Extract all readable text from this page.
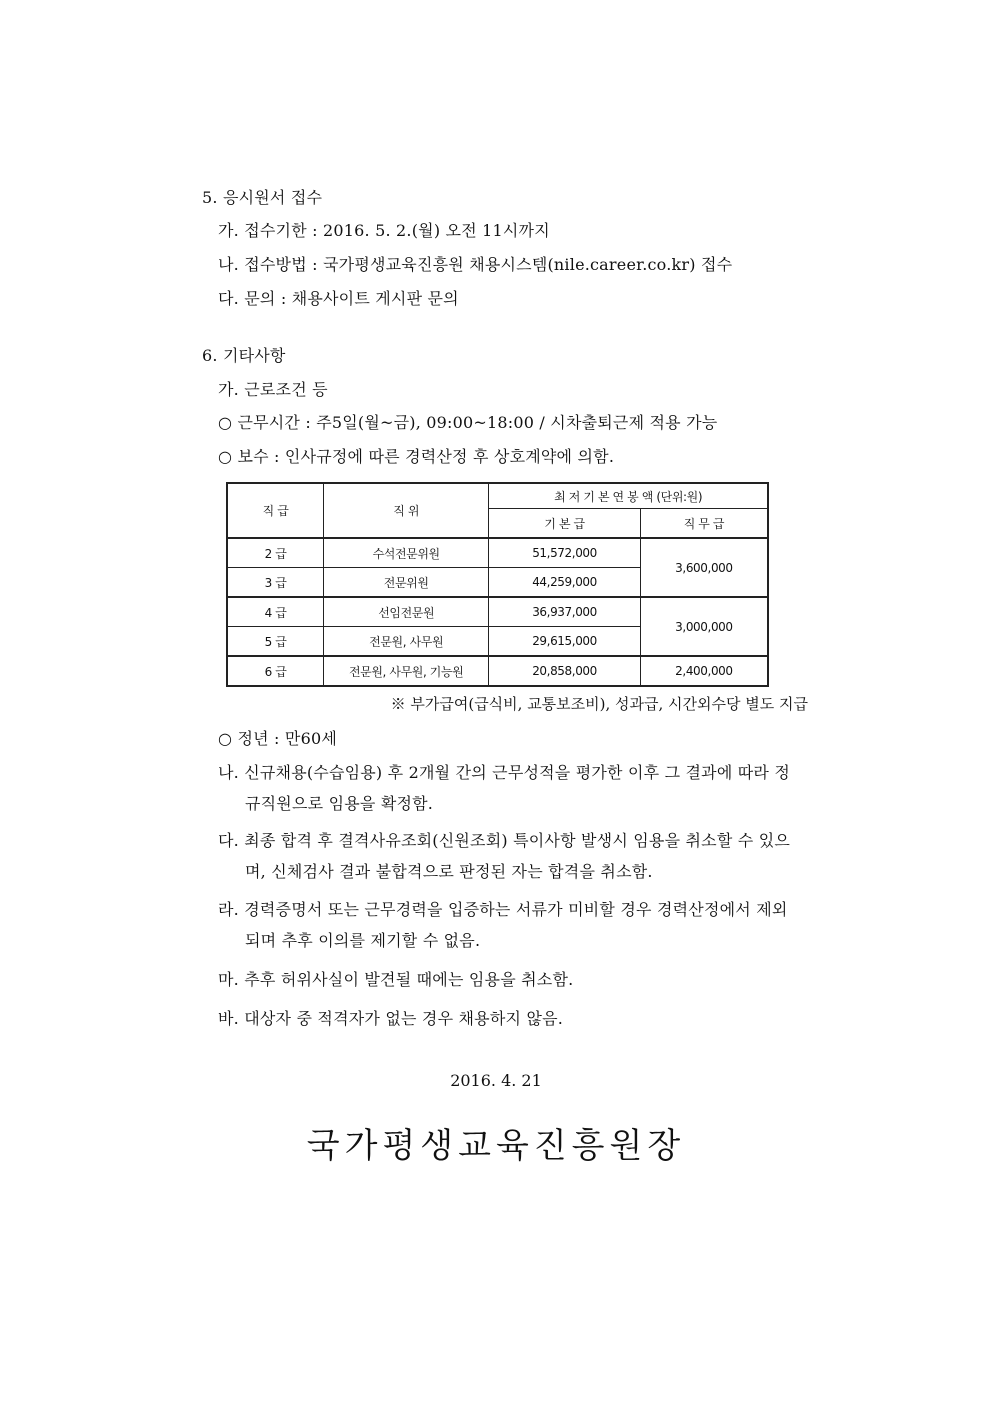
5. 응시원서 접수
가. 접수기한 : 2016. 5. 2.(월) 오전 11시까지
나. 접수방법 : 국가평생교육진흥원 채용시스템(nile.career.co.kr) 접수
다. 문의 : 채용사이트 게시판 문의
6. 기타사항
가. 근로조건 등
○ 근무시간 : 주5일(월~금), 09:00~18:00 / 시차출퇴근제 적용 가능
○ 보수 : 인사규정에 따른 경력산정 후 상호계약에 의함.
직 급	직 위	최 저 기 본 연 봉 액 (단위:원)	
		기 본 급	직 무 급
2 급	수석전문위원	51,572,000	3,600,000
3 급	전문위원	44,259,000	
4 급	선임전문원	36,937,000	3,000,000
5 급	전문원, 사무원	29,615,000	
6 급	전문원, 사무원, 기능원	20,858,000	2,400,000
※ 부가급여(급식비, 교통보조비), 성과급, 시간외수당 별도 지급
○ 정년 : 만60세
나. 신규채용(수습임용) 후 2개월 간의 근무성적을 평가한 이후 그 결과에 따라 정
규직원으로 임용을 확정함.
다. 최종 합격 후 결격사유조회(신원조회) 특이사항 발생시 임용을 취소할 수 있으
며, 신체검사 결과 불합격으로 판정된 자는 합격을 취소함.
라. 경력증명서 또는 근무경력을 입증하는 서류가 미비할 경우 경력산정에서 제외
되며 추후 이의를 제기할 수 없음.
마. 추후 허위사실이 발견될 때에는 임용을 취소함.
바. 대상자 중 적격자가 없는 경우 채용하지 않음.
2016. 4. 21
국가평생교육진흥원장
